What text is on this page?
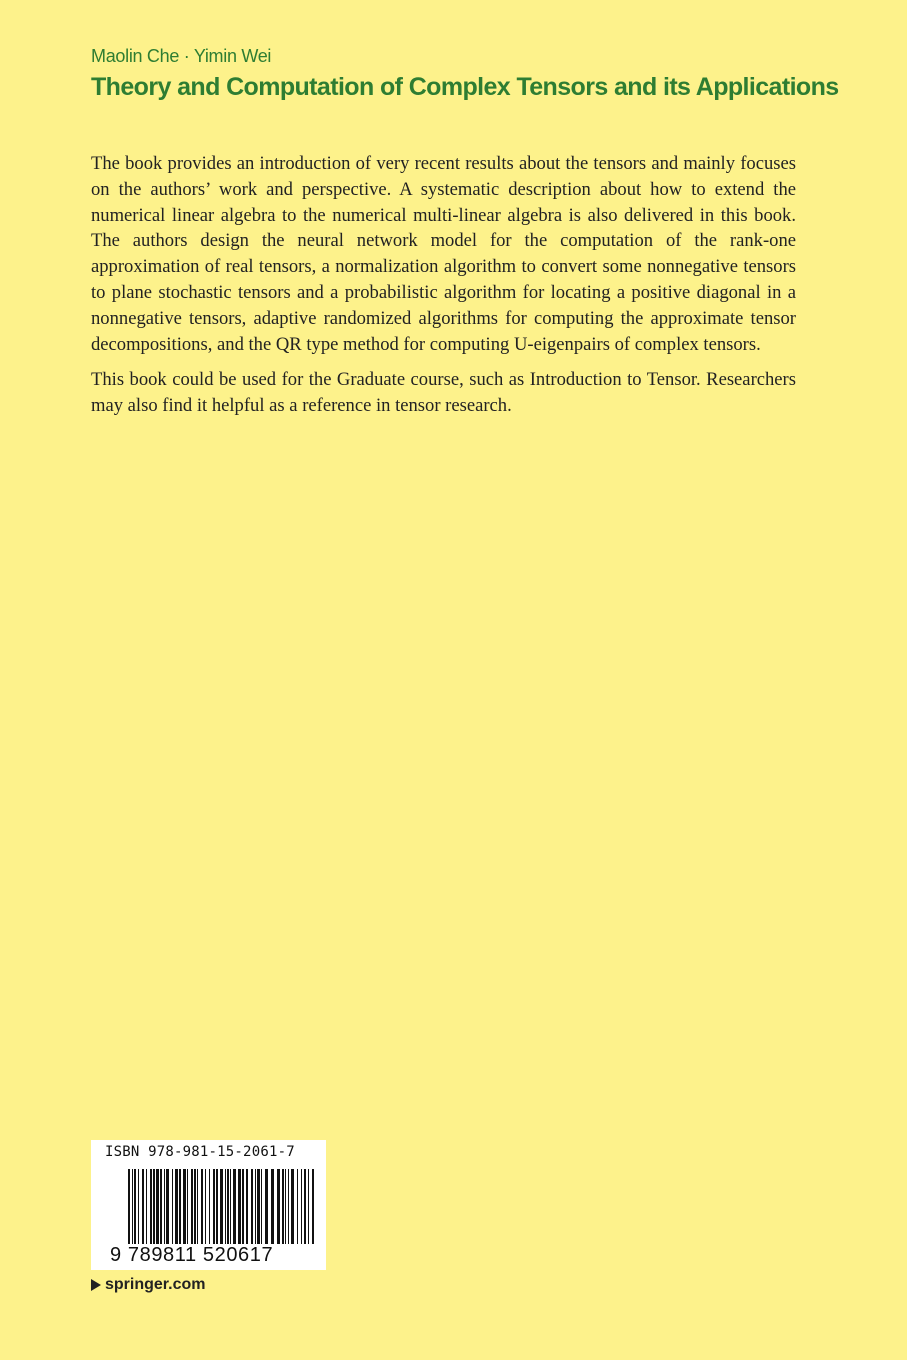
Maolin Che · Yimin Wei
Theory and Computation of Complex Tensors and its Applications

The book provides an introduction of very recent results about the tensors and mainly focuses on the authors’ work and perspective. A systematic description about how to extend the numerical linear algebra to the numerical multi-linear algebra is also delivered in this book. The authors design the neural network model for the computation of the rank-one approximation of real tensors, a normalization algorithm to convert some nonnegative tensors to plane stochastic tensors and a probabilistic algorithm for locating a positive diagonal in a nonnegative tensors, adaptive randomized algorithms for computing the approximate tensor decompositions, and the QR type method for computing U-eigenpairs of complex tensors.

This book could be used for the Graduate course, such as Introduction to Tensor. Researchers may also find it helpful as a reference in tensor research.

ISBN 978-981-15-2061-7
9 789811 520617
springer.com
